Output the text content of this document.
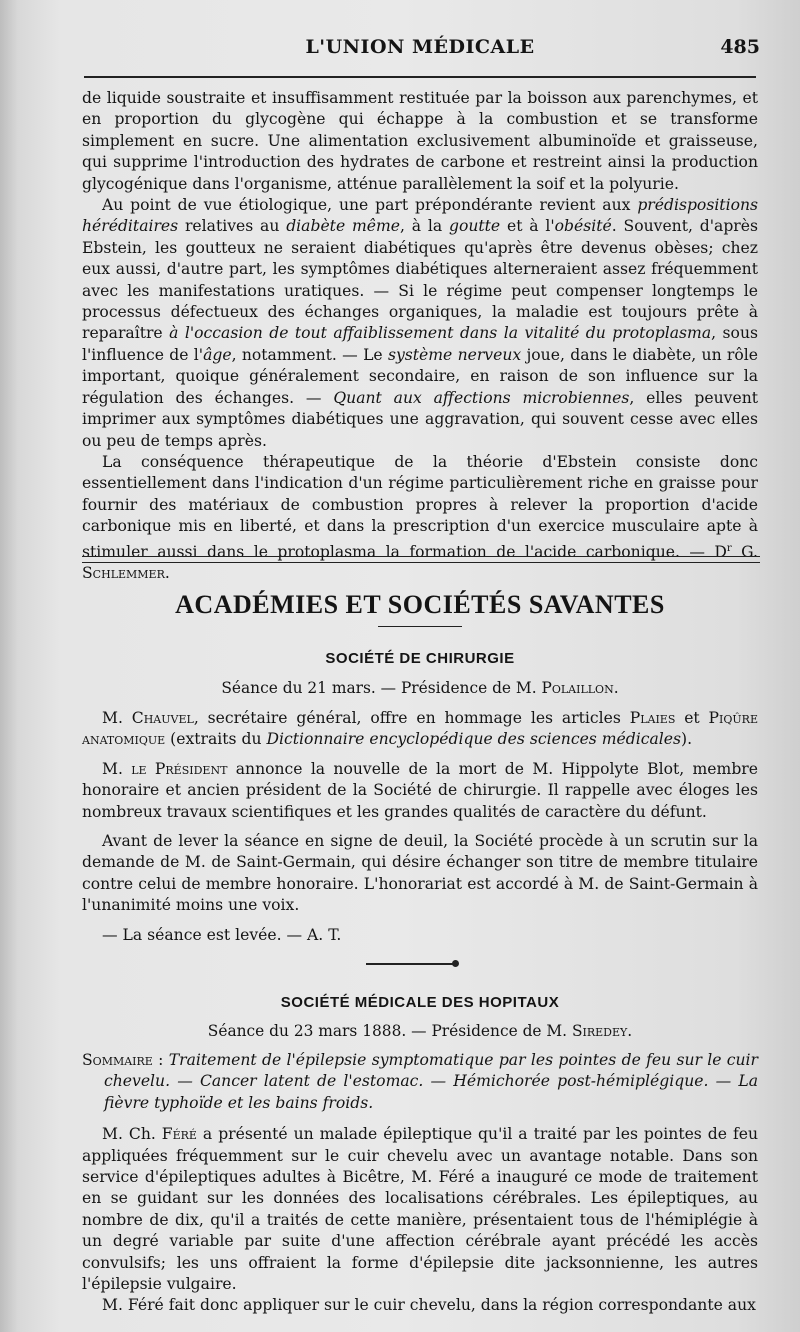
L'UNION MÉDICALE	485

de liquide soustraite et insuffisamment restituée par la boisson aux parenchymes, et en proportion du glycogène qui échappe à la combustion et se transforme simplement en sucre. Une alimentation exclusivement albuminoïde et graisseuse, qui supprime l'introduction des hydrates de carbone et restreint ainsi la production glycogénique dans l'organisme, atténue parallèlement la soif et la polyurie.

Au point de vue étiologique, une part prépondérante revient aux prédispositions héréditaires relatives au diabète même, à la goutte et à l'obésité. Souvent, d'après Ebstein, les goutteux ne seraient diabétiques qu'après être devenus obèses; chez eux aussi, d'autre part, les symptômes diabétiques alterneraient assez fréquemment avec les manifestations uratiques. — Si le régime peut compenser longtemps le processus défectueux des échanges organiques, la maladie est toujours prête à reparaître à l'occasion de tout affaiblissement dans la vitalité du protoplasma, sous l'influence de l'âge, notamment. — Le système nerveux joue, dans le diabète, un rôle important, quoique généralement secondaire, en raison de son influence sur la régulation des échanges. — Quant aux affections microbiennes, elles peuvent imprimer aux symptômes diabétiques une aggravation, qui souvent cesse avec elles ou peu de temps après.

La conséquence thérapeutique de la théorie d'Ebstein consiste donc essentiellement dans l'indication d'un régime particulièrement riche en graisse pour fournir des matériaux de combustion propres à relever la proportion d'acide carbonique mis en liberté, et dans la prescription d'un exercice musculaire apte à stimuler aussi dans le protoplasma la formation de l'acide carbonique. — $D^r$ G. Schlemmer.

ACADÉMIES ET SOCIÉTÉS SAVANTES
SOCIÉTÉ DE CHIRURGIE
Séance du 21 mars. — Présidence de M. Polaillon.

M. Chauvel, secrétaire général, offre en hommage les articles Plaies et Piqûre anatomique (extraits du Dictionnaire encyclopédique des sciences médicales).

M. le Président annonce la nouvelle de la mort de M. Hippolyte Blot, membre honoraire et ancien président de la Société de chirurgie. Il rappelle avec éloges les nombreux travaux scientifiques et les grandes qualités de caractère du défunt.

Avant de lever la séance en signe de deuil, la Société procède à un scrutin sur la demande de M. de Saint-Germain, qui désire échanger son titre de membre titulaire contre celui de membre honoraire. L'honorariat est accordé à M. de Saint-Germain à l'unanimité moins une voix.

— La séance est levée. — A. T.

SOCIÉTÉ MÉDICALE DES HOPITAUX
Séance du 23 mars 1888. — Présidence de M. Siredey.

Sommaire : Traitement de l'épilepsie symptomatique par les pointes de feu sur le cuir chevelu. — Cancer latent de l'estomac. — Hémichorée post-hémiplégique. — La fièvre typhoïde et les bains froids.

M. Ch. Féré a présenté un malade épileptique qu'il a traité par les pointes de feu appliquées fréquemment sur le cuir chevelu avec un avantage notable. Dans son service d'épileptiques adultes à Bicêtre, M. Féré a inauguré ce mode de traitement en se guidant sur les données des localisations cérébrales. Les épileptiques, au nombre de dix, qu'il a traités de cette manière, présentaient tous de l'hémiplégie à un degré variable par suite d'une affection cérébrale ayant précédé les accès convulsifs; les uns offraient la forme d'épilepsie dite jacksonnienne, les autres l'épilepsie vulgaire.

M. Féré fait donc appliquer sur le cuir chevelu, dans la région correspondante aux
